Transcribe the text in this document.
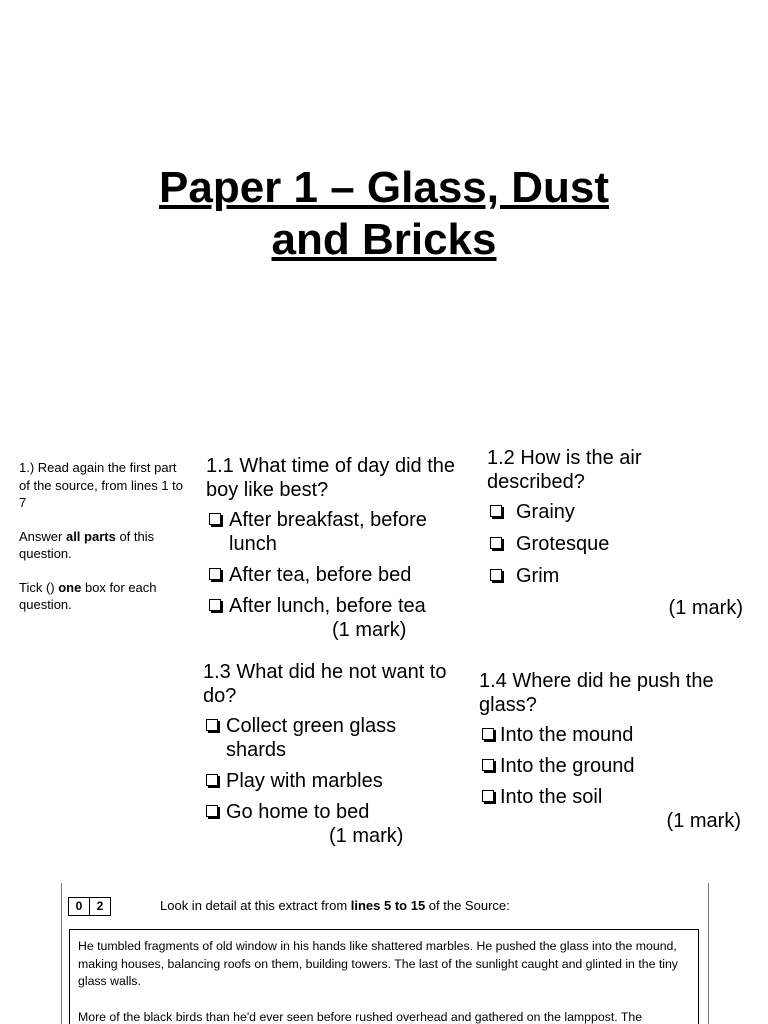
Paper 1 – Glass, Dust
and Bricks

1.) Read again the first part of the source, from lines 1 to 7

Answer all parts of this question.

Tick () one box for each question.

1.1 What time of day did the boy like best?
After breakfast, before lunch
After tea, before bed
After lunch, before tea
(1 mark)
1.2 How is the air described?
Grainy
Grotesque
Grim
(1 mark)
1.3 What did he not want to do?
Collect green glass shards
Play with marbles
Go home to bed
(1 mark)
1.4 Where did he push the glass?
Into the mound
Into the ground
Into the soil
(1 mark)
0	2	Look in detail at this extract from lines 5 to 15 of the Source:

He tumbled fragments of old window in his hands like shattered marbles. He pushed the glass into the mound, making houses, balancing roofs on them, building towers. The last of the sunlight caught and glinted in the tiny glass walls.

More of the black birds than he'd ever seen before rushed overhead and gathered on the lamppost. The
